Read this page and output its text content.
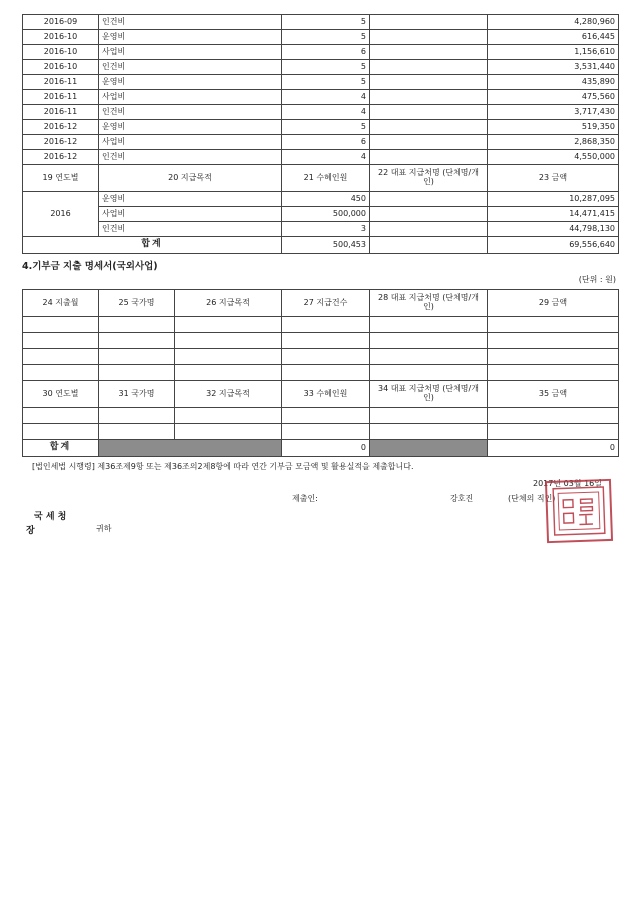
2016-09	인건비	5		4,280,960
2016-10	운영비	5		616,445
2016-10	사업비	6		1,156,610
2016-10	인건비	5		3,531,440
2016-11	운영비	5		435,890
2016-11	사업비	4		475,560
2016-11	인건비	4		3,717,430
2016-12	운영비	5		519,350
2016-12	사업비	6		2,868,350
2016-12	인건비	4		4,550,000
19 연도별	20 지급목적	21 수혜인원	22 대표 지급처명 (단체명/개인)	23 금액
2016	운영비	450		10,287,095
	사업비	500,000		14,471,415
	인건비	3		44,798,130
합계		500,453		69,556,640
4.기부금 지출 명세서(국외사업)
(단위 : 원)
24 지출월	25 국가명	26 지급목적	27 지급건수	28 대표 지급처명 (단체명/개인)	29 금액

30 연도별	31 국가명	32 지급목적	33 수혜인원	34 대표 지급처명 (단체명/개인)	35 금액

합계			0		0
[법인세법 시행령] 제36조제9항 또는 제36조의2제8항에 따라 연간 기부금 모금액 및 활용실적을 제출합니다.
2017년 03월 16일
제출인:	강호진	(단체의 직인)
국 세 청
장	귀하
